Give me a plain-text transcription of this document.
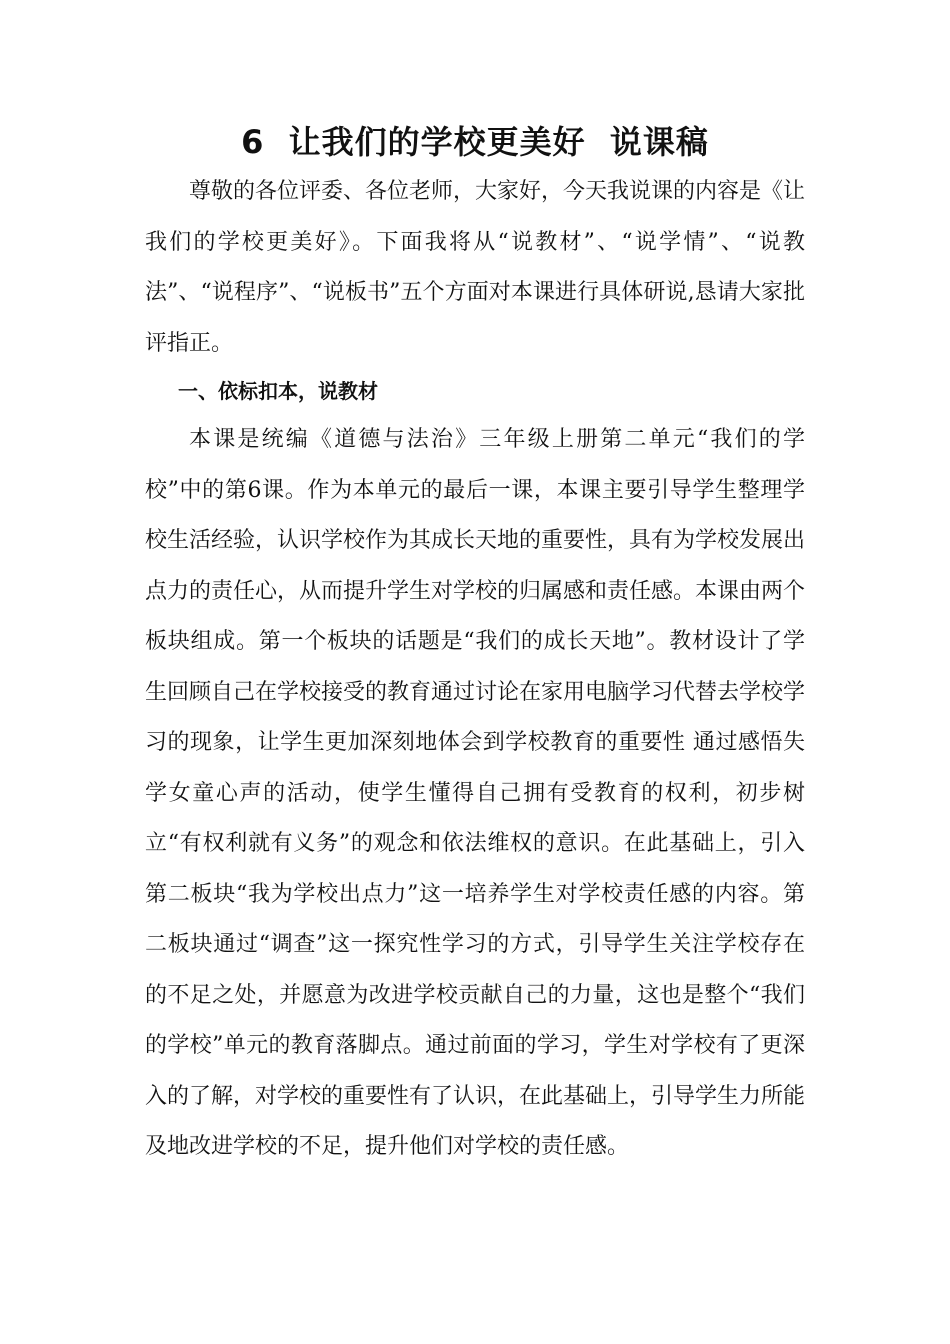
6  让我们的学校更美好  说课稿

尊敬的各位评委、各位老师，大家好，今天我说课的内容是《让我们的学校更美好》。下面我将从“说教材”、“说学情”、“说教法”、“说程序”、“说板书”五个方面对本课进行具体研说,恳请大家批评指正。

一、依标扣本，说教材

本课是统编《道德与法治》三年级上册第二单元“我们的学校”中的第6课。作为本单元的最后一课，本课主要引导学生整理学校生活经验，认识学校作为其成长天地的重要性，具有为学校发展出点力的责任心，从而提升学生对学校的归属感和责任感。本课由两个板块组成。第一个板块的话题是“我们的成长天地”。教材设计了学生回顾自己在学校接受的教育通过讨论在家用电脑学习代替去学校学习的现象，让学生更加深刻地体会到学校教育的重要性 通过感悟失学女童心声的活动，使学生懂得自己拥有受教育的权利，初步树立“有权利就有义务”的观念和依法维权的意识。在此基础上，引入第二板块“我为学校出点力”这一培养学生对学校责任感的内容。第二板块通过“调查”这一探究性学习的方式，引导学生关注学校存在的不足之处，并愿意为改进学校贡献自己的力量，这也是整个“我们的学校”单元的教育落脚点。通过前面的学习，学生对学校有了更深入的了解，对学校的重要性有了认识，在此基础上，引导学生力所能及地改进学校的不足，提升他们对学校的责任感。
